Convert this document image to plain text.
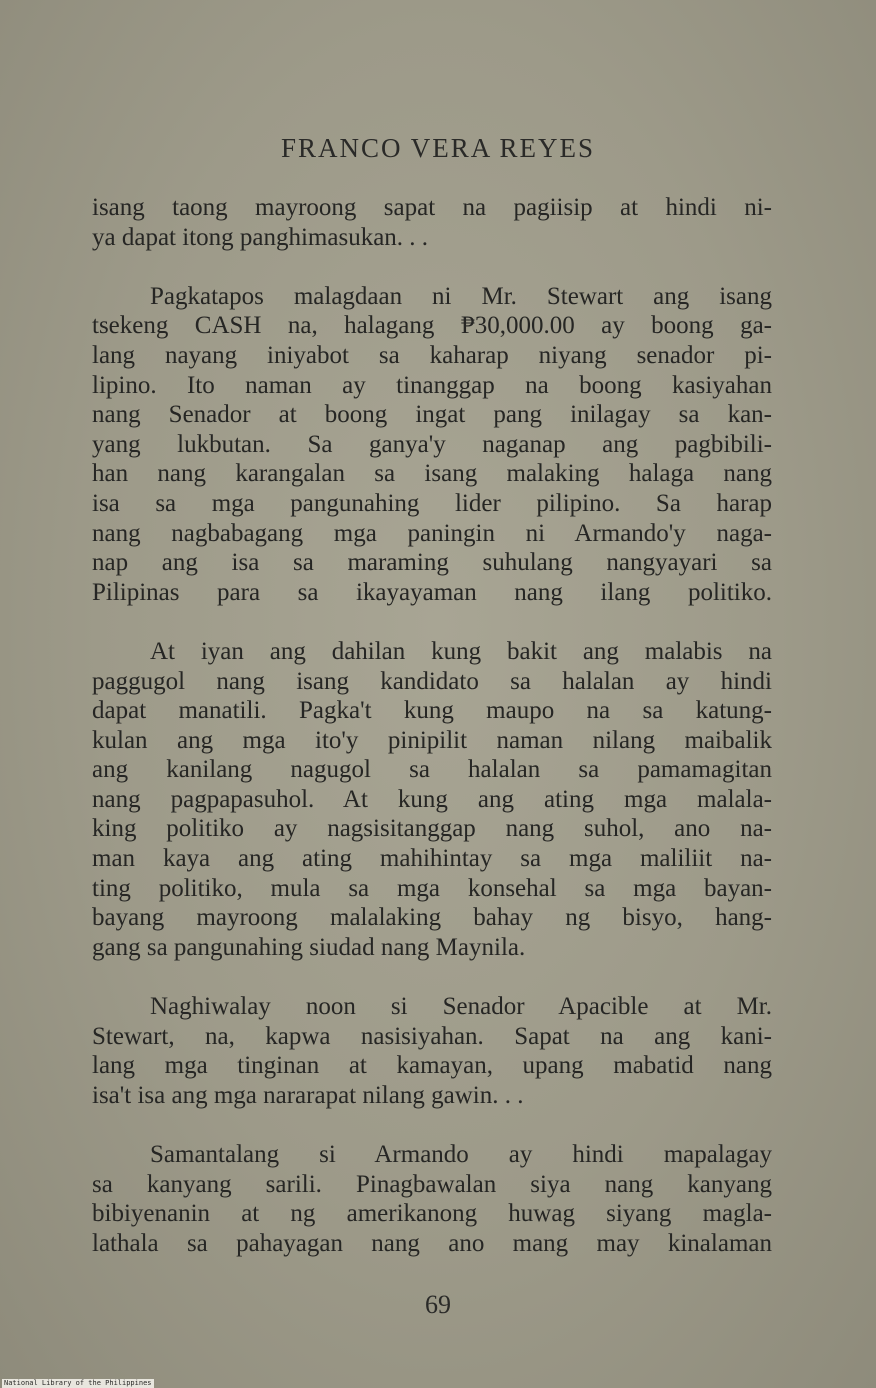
FRANCO VERA REYES
isang taong mayroong sapat na pagiisip at hindi ni-
ya dapat itong panghimasukan. . .
Pagkatapos malagdaan ni Mr. Stewart ang isang
tsekeng CASH na, halagang ₱30,000.00 ay boong ga-
lang nayang iniyabot sa kaharap niyang senador pi-
lipino. Ito naman ay tinanggap na boong kasiyahan
nang Senador at boong ingat pang inilagay sa kan-
yang lukbutan. Sa ganya'y naganap ang pagbibili-
han nang karangalan sa isang malaking halaga nang
isa sa mga pangunahing lider pilipino. Sa harap
nang nagbabagang mga paningin ni Armando'y naga-
nap ang isa sa maraming suhulang nangyayari sa
Pilipinas para sa ikayayaman nang ilang politiko.
At iyan ang dahilan kung bakit ang malabis na
paggugol nang isang kandidato sa halalan ay hindi
dapat manatili. Pagka't kung maupo na sa katung-
kulan ang mga ito'y pinipilit naman nilang maibalik
ang kanilang nagugol sa halalan sa pamamagitan
nang pagpapasuhol. At kung ang ating mga malala-
king politiko ay nagsisitanggap nang suhol, ano na-
man kaya ang ating mahihintay sa mga maliliit na-
ting politiko, mula sa mga konsehal sa mga bayan-
bayang mayroong malalaking bahay ng bisyo, hang-
gang sa pangunahing siudad nang Maynila.
Naghiwalay noon si Senador Apacible at Mr.
Stewart, na, kapwa nasisiyahan. Sapat na ang kani-
lang mga tinginan at kamayan, upang mabatid nang
isa't isa ang mga nararapat nilang gawin. . .
Samantalang si Armando ay hindi mapalagay
sa kanyang sarili. Pinagbawalan siya nang kanyang
bibiyenanin at ng amerikanong huwag siyang magla-
lathala sa pahayagan nang ano mang may kinalaman
69
National Library of the Philippines
